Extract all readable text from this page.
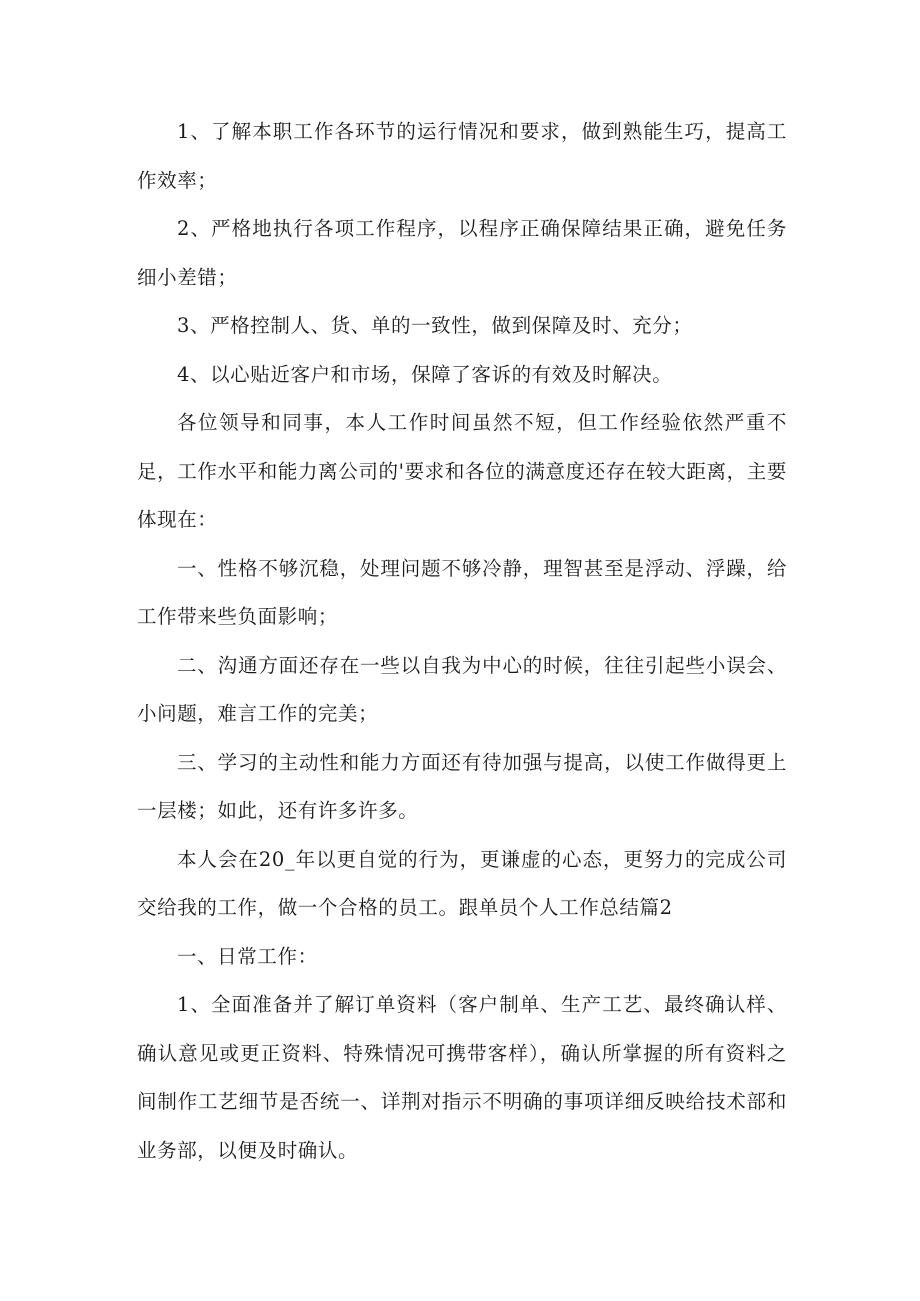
1、了解本职工作各环节的运行情况和要求，做到熟能生巧，提高工作效率；

2、严格地执行各项工作程序，以程序正确保障结果正确，避免任务细小差错；

3、严格控制人、货、单的一致性，做到保障及时、充分；

4、以心贴近客户和市场，保障了客诉的有效及时解决。

各位领导和同事，本人工作时间虽然不短，但工作经验依然严重不足，工作水平和能力离公司的'要求和各位的满意度还存在较大距离，主要体现在：

一、性格不够沉稳，处理问题不够冷静，理智甚至是浮动、浮躁，给工作带来些负面影响；

二、沟通方面还存在一些以自我为中心的时候，往往引起些小误会、小问题，难言工作的完美；

三、学习的主动性和能力方面还有待加强与提高，以使工作做得更上一层楼；如此，还有许多许多。

本人会在20_年以更自觉的行为，更谦虚的心态，更努力的完成公司交给我的工作，做一个合格的员工。跟单员个人工作总结篇2

一、日常工作：

1、全面准备并了解订单资料（客户制单、生产工艺、最终确认样、确认意见或更正资料、特殊情况可携带客样），确认所掌握的所有资料之间制作工艺细节是否统一、详荆对指示不明确的事项详细反映给技术部和业务部，以便及时确认。
